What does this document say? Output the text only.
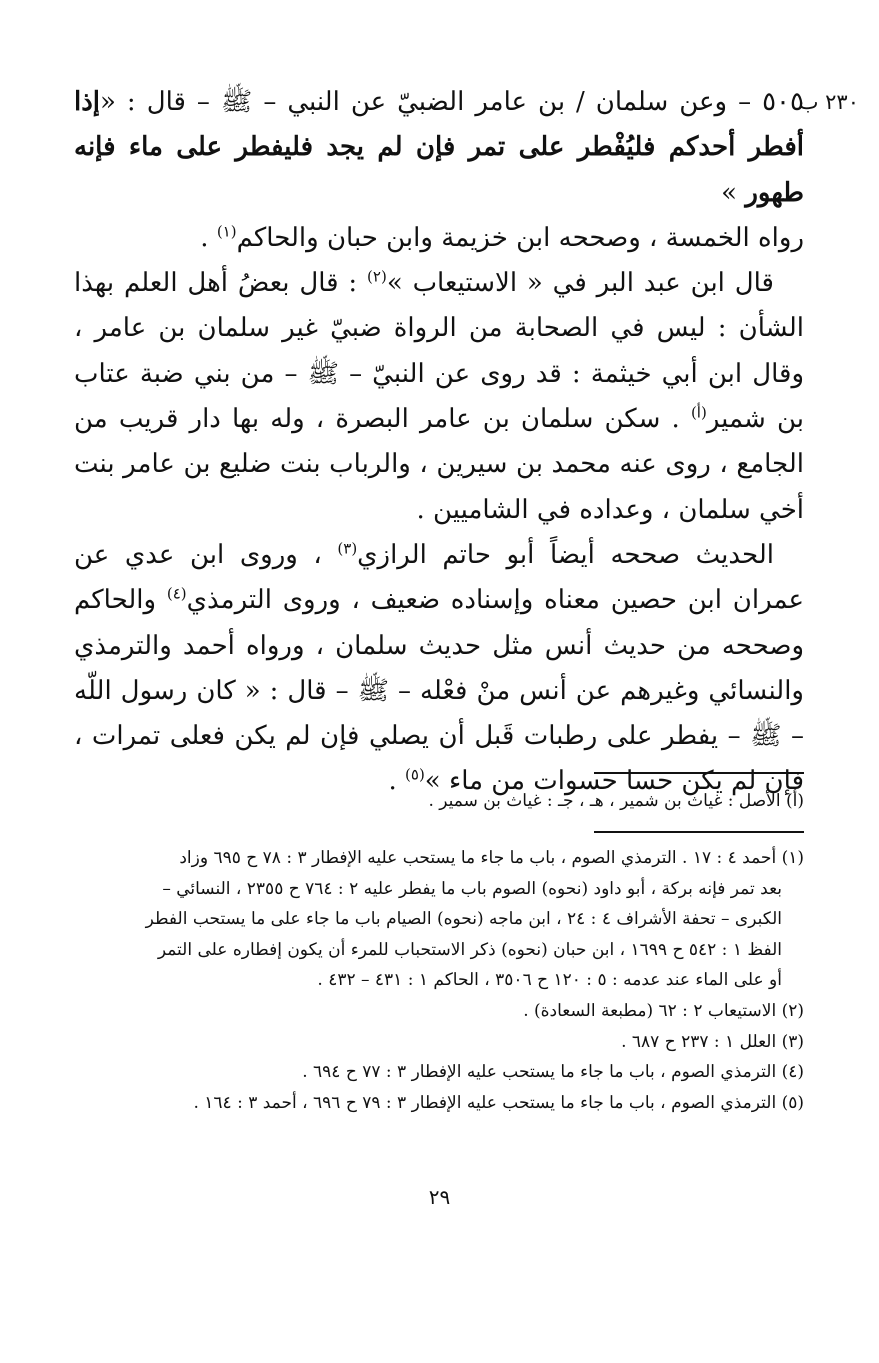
٢٣٠ ب

٥٠٥ – وعن سلمان / بن عامر الضبيّ عن النبي – ﷺ – قال : «إذا أفطر أحدكم فليُفْطر على تمر فإن لم يجد فليفطر على ماء فإنه طهور »

رواه الخمسة ، وصححه ابن خزيمة وابن حبان والحاكم$^{(١)}$ .

قال ابن عبد البر في « الاستيعاب »$^{(٢)}$ : قال بعضُ أهل العلم بهذا الشأن : ليس في الصحابة من الرواة ضبيّ غير سلمان بن عامر ، وقال ابن أبي خيثمة : قد روى عن النبيّ – ﷺ – من بني ضبة عتاب بن شمير$^{(أ)}$ . سكن سلمان بن عامر البصرة ، وله بها دار قريب من الجامع ، روى عنه محمد بن سيرين ، والرباب بنت ضليع بن عامر بنت أخي سلمان ، وعداده في الشاميين .

الحديث صححه أيضاً أبو حاتم الرازي$^{(٣)}$ ، وروى ابن عدي عن عمران ابن حصين معناه وإسناده ضعيف ، وروى الترمذي$^{(٤)}$ والحاكم وصححه من حديث أنس مثل حديث سلمان ، ورواه أحمد والترمذي والنسائي وغيرهم عن أنس منْ فعْله – ﷺ – قال : « كان رسول اللّه – ﷺ – يفطر على رطبات قَبل أن يصلي فإن لم يكن فعلى تمرات ، فإن لم يكن حسا حسوات من ماء »$^{(٥)}$ .

(أ) الأصل : غياث بن شمير ، هـ ، جـ : غياث بن سمير .

(١) أحمد ٤ : ١٧ . الترمذي الصوم ، باب ما جاء ما يستحب عليه الإفطار ٣ : ٧٨ ح ٦٩٥ وزاد
بعد تمر فإنه بركة ، أبو داود (نحوه) الصوم باب ما يفطر عليه ٢ : ٧٦٤ ح ٢٣٥٥ ، النسائي –
الكبرى – تحفة الأشراف ٤ : ٢٤ ، ابن ماجه (نحوه) الصيام باب ما جاء على ما يستحب الفطر
الفظ ١ : ٥٤٢ ح ١٦٩٩ ، ابن حبان (نحوه) ذكر الاستحباب للمرء أن يكون إفطاره على التمر
أو على الماء عند عدمه : ٥ : ١٢٠ ح ٣٥٠٦ ، الحاكم ١ : ٤٣١ – ٤٣٢ .

(٢) الاستيعاب ٢ : ٦٢ (مطبعة السعادة) .

(٣) العلل ١ : ٢٣٧ ح ٦٨٧ .

(٤) الترمذي الصوم ، باب ما جاء ما يستحب عليه الإفطار ٣ : ٧٧ ح ٦٩٤ .

(٥) الترمذي الصوم ، باب ما جاء ما يستحب عليه الإفطار ٣ : ٧٩ ح ٦٩٦ ، أحمد ٣ : ١٦٤ .

٢٩
